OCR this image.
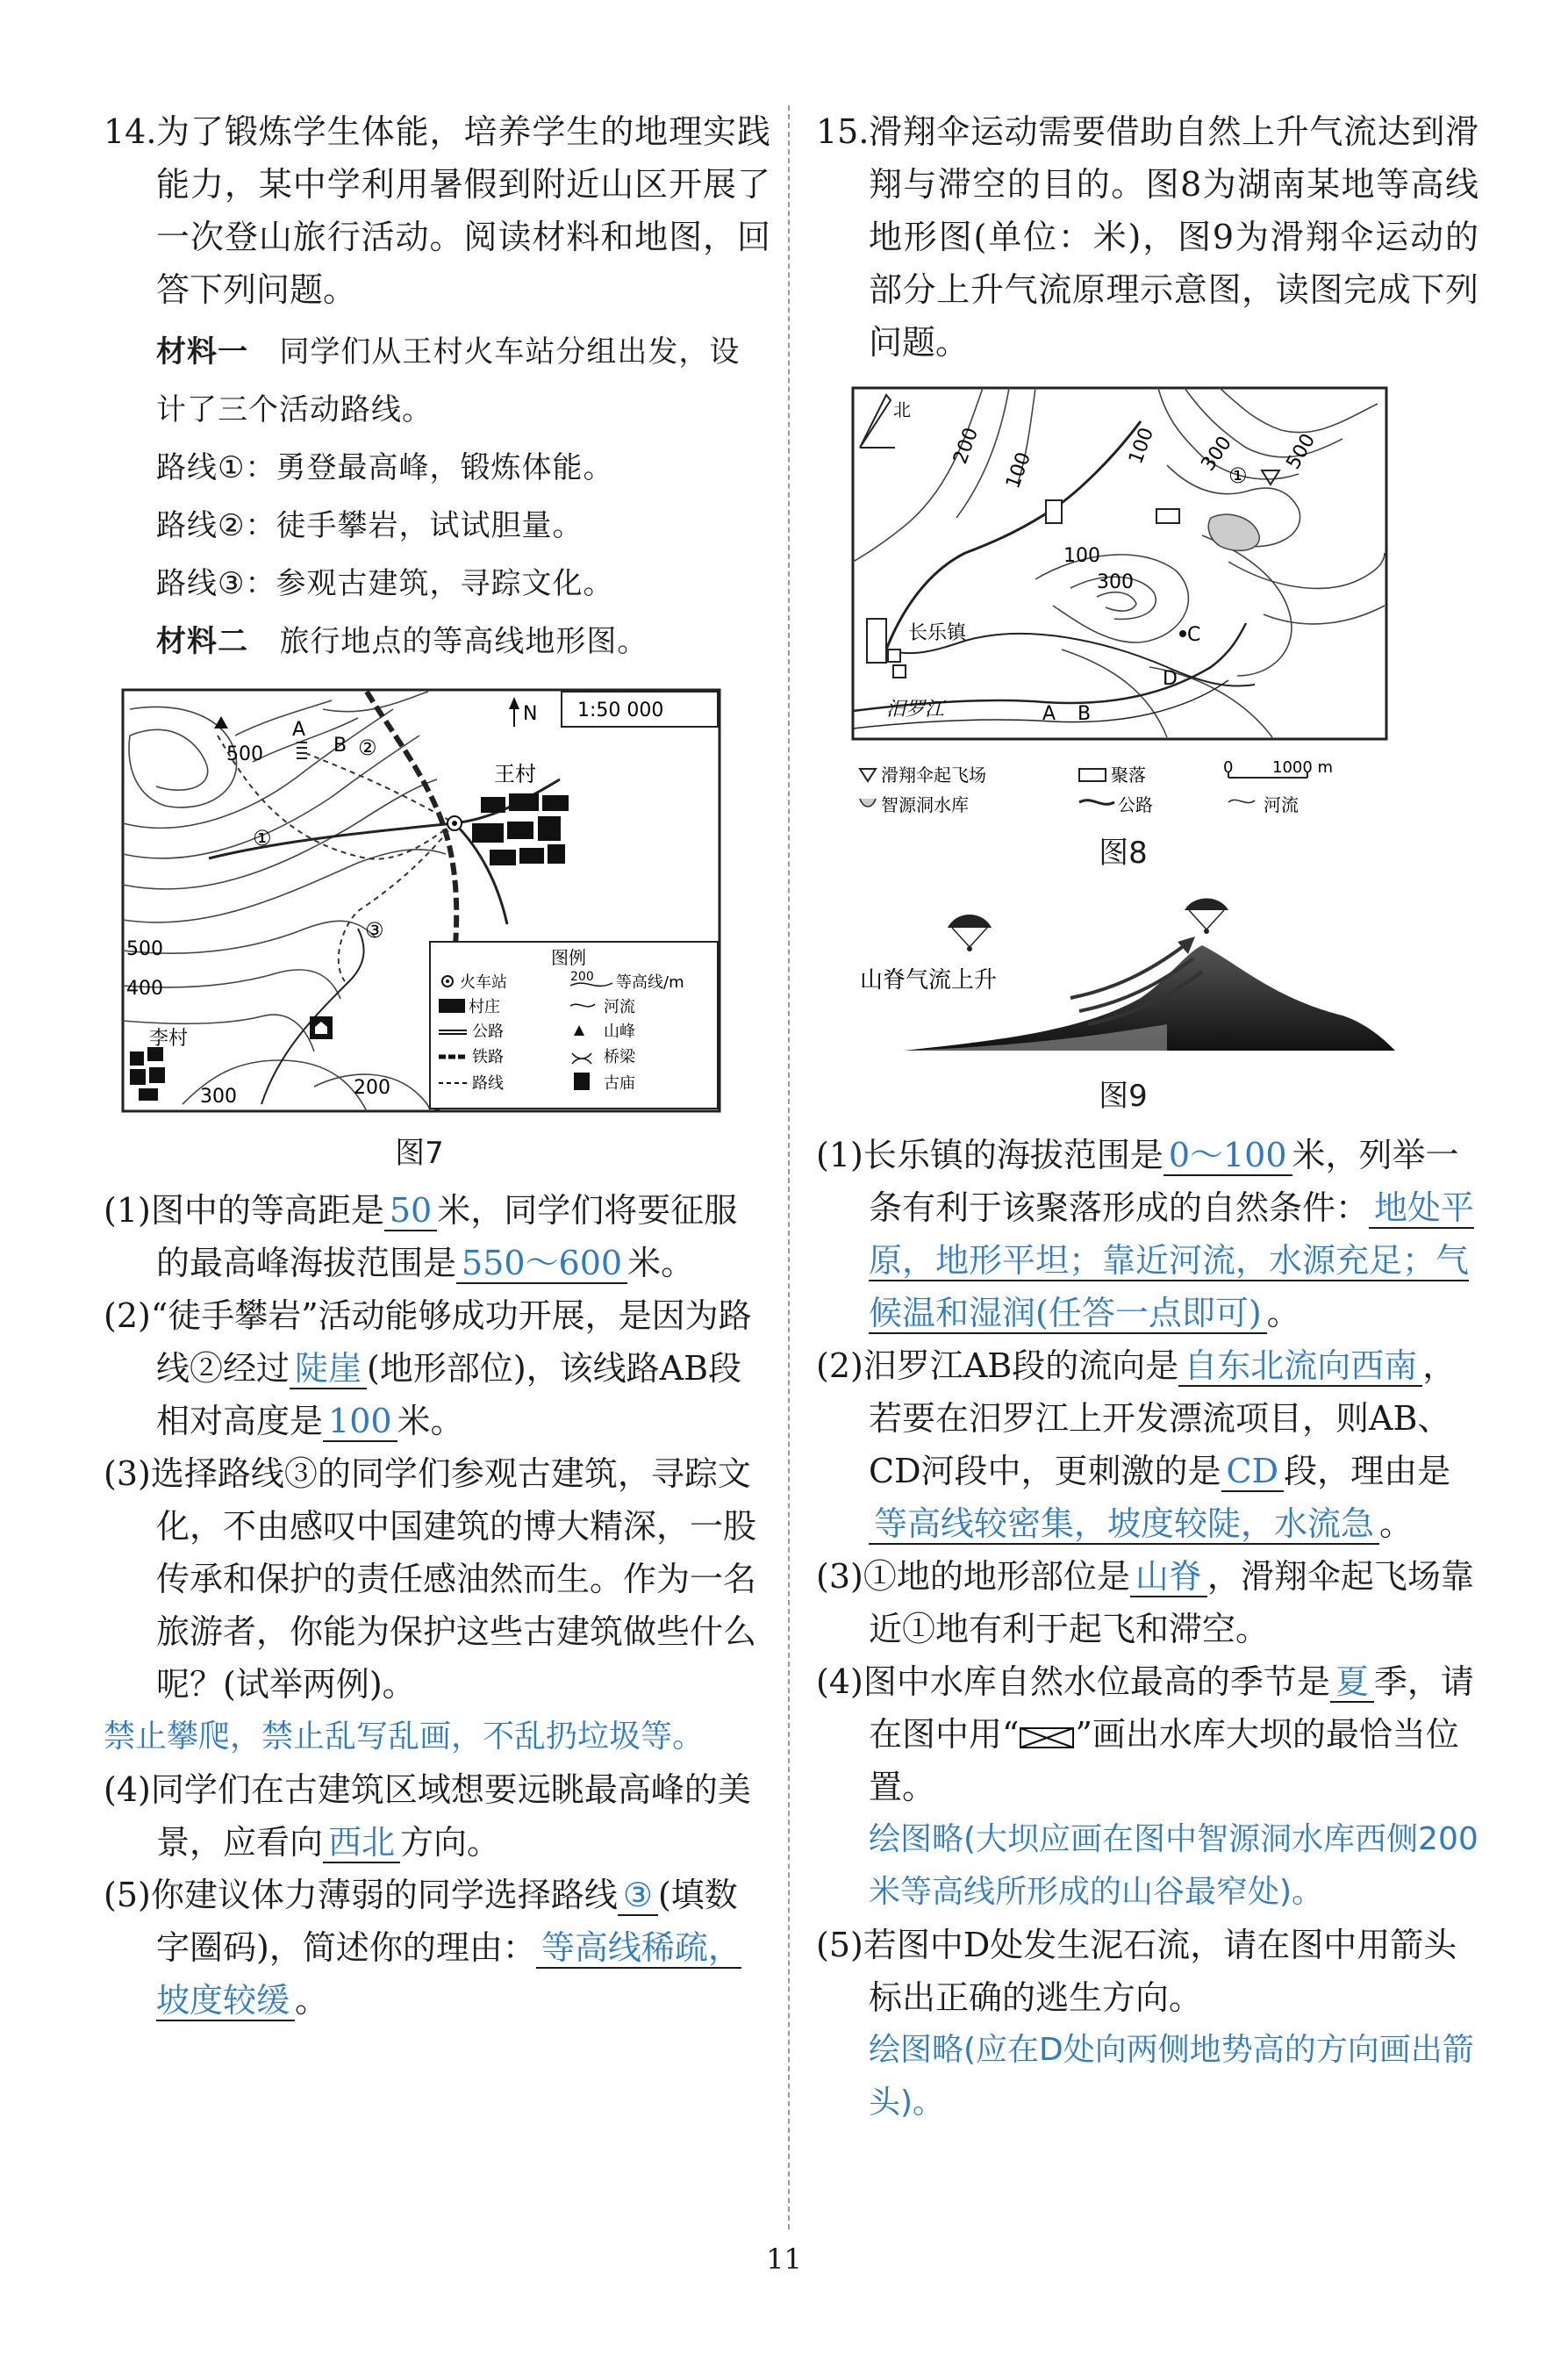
14. 为了锻炼学生体能，培养学生的地理实践能力，某中学利用暑假到附近山区开展了一次登山旅行活动。阅读材料和地图，回答下列问题。
材料一 同学们从王村火车站分组出发，设计了三个活动路线。
路线①：勇登最高峰，锻炼体能。
路线②：徒手攀岩，试试胆量。
路线③：参观古建筑，寻踪文化。
材料二 旅行地点的等高线地形图。
王村
李村
500
500
400
300	200
A
B ②
①
③
N 1:50 000
图例
火车站	200 等高线/m
村庄	河流
公路	山峰
铁路	桥梁
路线	古庙
图7

(1)图中的等高距是 50 米，同学们将要征服的最高峰海拔范围是 550～600 米。

(2)“徒手攀岩”活动能够成功开展，是因为路线②经过 陡崖 (地形部位)，该线路AB段相对高度是 100 米。

(3)选择路线③的同学们参观古建筑，寻踪文化，不由感叹中国建筑的博大精深，一股传承和保护的责任感油然而生。作为一名旅游者，你能为保护这些古建筑做些什么呢？(试举两例)。

禁止攀爬，禁止乱写乱画，不乱扔垃圾等。

(4)同学们在古建筑区域想要远眺最高峰的美景，应看向 西北 方向。

(5)你建议体力薄弱的同学选择路线 ③ (填数字圈码)，简述你的理由： 等高线稀疏，坡度较缓 。

15. 滑翔伞运动需要借助自然上升气流达到滑翔与滞空的目的。图8为湖南某地等高线地形图(单位：米)，图9为滑翔伞运动的部分上升气流原理示意图，读图完成下列问题。
北
①
200
100
100 300 500
100
300
长乐镇
汨罗江	A B
C
D

滑翔伞起飞场	聚落	0 1000 m
智源洞水库	公路	河流
图8
山脊气流上升
图9

(1)长乐镇的海拔范围是 0～100 米，列举一条有利于该聚落形成的自然条件： 地处平原，地形平坦；靠近河流，水源充足；气候温和湿润(任答一点即可) 。

(2)汨罗江AB段的流向是 自东北流向西南 ，若要在汨罗江上开发漂流项目，则AB、CD河段中，更刺激的是 CD 段，理由是等高线较密集，坡度较陡，水流急 。

(3)①地的地形部位是 山脊 ，滑翔伞起飞场靠近①地有利于起飞和滞空。

(4)图中水库自然水位最高的季节是 夏 季，请在图中用“ ”画出水库大坝的最恰当位置。

绘图略(大坝应画在图中智源洞水库西侧200米等高线所形成的山谷最窄处)。

(5)若图中D处发生泥石流，请在图中用箭头标出正确的逃生方向。

绘图略(应在D处向两侧地势高的方向画出箭头)。
11
